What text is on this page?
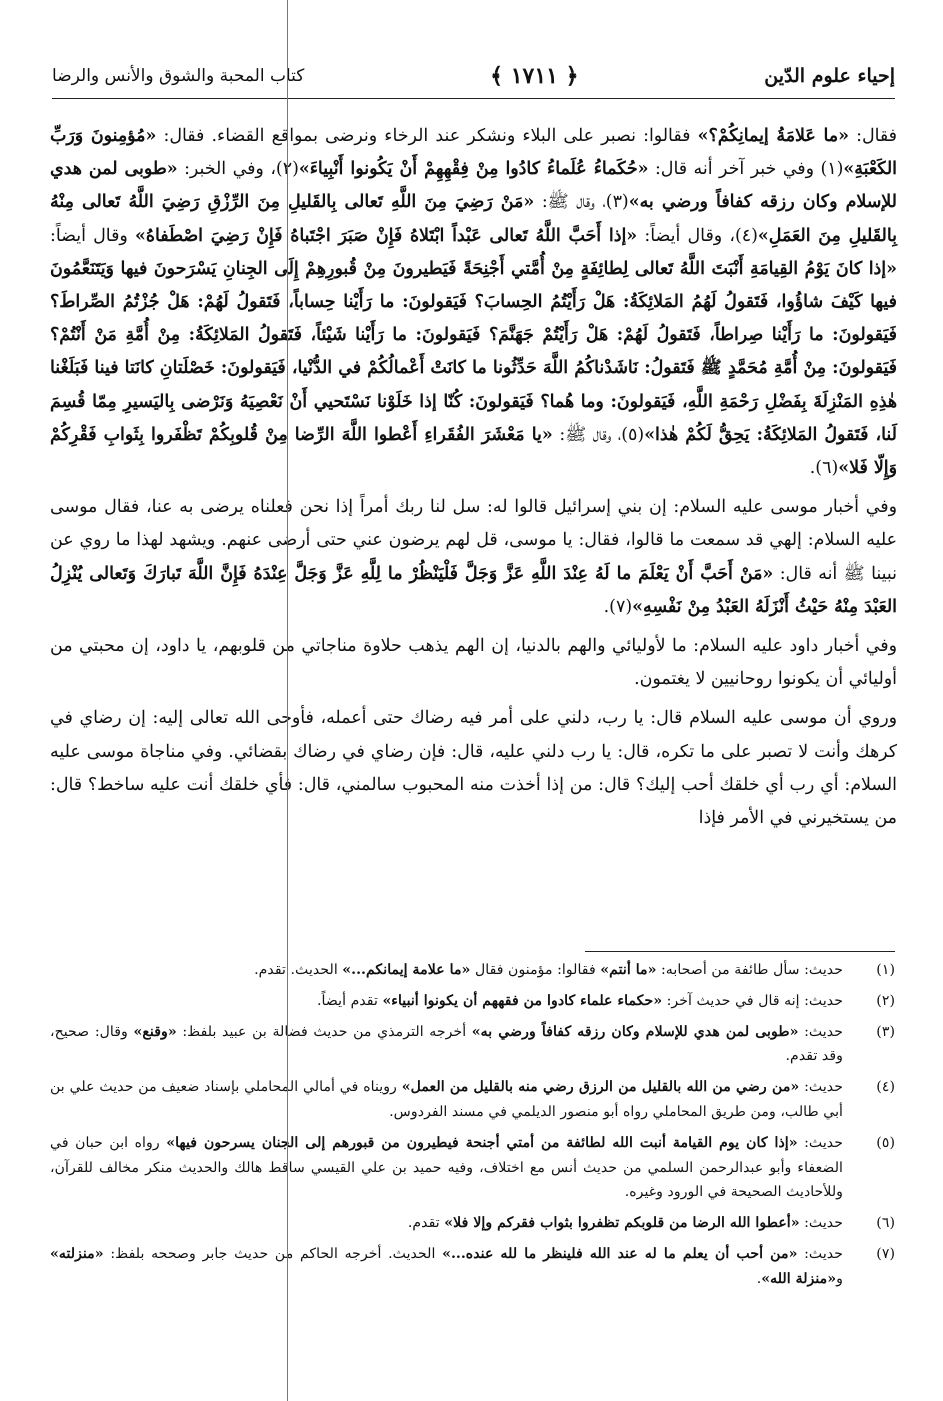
إحياء علوم الدّين
﴿ ١٧١١ ﴾
كتاب المحبة والشوق والأنس والرضا

فقال: «ما عَلامَةُ إيمانِكُمْ؟» فقالوا: نصبر على البلاء ونشكر عند الرخاء ونرضى بمواقع القضاء. فقال: «مُؤمِنونَ وَرَبِّ الكَعْبَةِ»(١) وفي خبر آخر أنه قال: «حُكَماءُ عُلَماءُ كادُوا مِنْ فِقْهِهِمْ أَنْ يَكُونوا أَنْبِياءَ»(٢)، وفي الخبر: «طوبى لمن هدي للإسلام وكان رزقه كفافاً ورضي به»(٣)، وقال ﷺ: «مَنْ رَضِيَ مِنَ اللَّهِ تَعالى بِالقَليلِ مِنَ الرِّزْقِ رَضِيَ اللَّهُ تَعالى مِنْهُ بِالقَليلِ مِنَ العَمَلِ»(٤)، وقال أيضاً: «إذا أَحَبَّ اللَّهُ تَعالى عَبْداً ابْتَلاهُ فَإِنْ صَبَرَ اجْتَباهُ فَإِنْ رَضِيَ اصْطَفاهُ» وقال أيضاً: «إذا كانَ يَوْمُ القِيامَةِ أَنْبَتَ اللَّهُ تَعالى لِطائِفَةٍ مِنْ أُمَّتي أَجْنِحَةً فَيَطيرونَ مِنْ قُبورِهِمْ إِلَى الجِنانِ يَسْرَحونَ فيها وَيَتَنَعَّمُونَ فيها كَيْفَ شاؤُوا، فَتَقولُ لَهُمُ المَلائِكَةُ: هَلْ رَأَيْتُمُ الحِسابَ؟ فَيَقولونَ: ما رَأَيْنا حِساباً، فَتَقولُ لَهُمْ: هَلْ جُزْتُمُ الصِّراطَ؟ فَيَقولونَ: ما رَأَيْنا صِراطاً، فَتَقولُ لَهُمْ: هَلْ رَأَيْتُمْ جَهَنَّمَ؟ فَيَقولونَ: ما رَأَيْنا شَيْئاً، فَتَقولُ المَلائِكَةُ: مِنْ أُمَّةِ مَنْ أَنْتُمْ؟ فَيَقولونَ: مِنْ أُمَّةِ مُحَمَّدٍ ﷺ فَتَقولُ: نَاشَدْناكُمُ اللَّهَ حَدِّثُونا ما كانَتْ أَعْمالُكُمْ في الدُّنْيا، فَيَقولونَ: خَصْلَتانِ كانَتا فينا فَبَلَغْنا هٰذِهِ المَنْزِلَةَ بِفَضْلِ رَحْمَةِ اللَّهِ، فَيَقولونَ: وما هُما؟ فَيَقولونَ: كُنّا إذا خَلَوْنا نَسْتَحيي أَنْ نَعْصِيَهُ وَنَرْضى بِاليَسيرِ مِمّا قُسِمَ لَنا، فَتَقولُ المَلائِكَةُ: يَحِقُّ لَكُمْ هٰذا»(٥)، وقال ﷺ: «يا مَعْشَرَ الفُقَراءِ أَعْطوا اللَّهَ الرِّضا مِنْ قُلوبِكُمْ تَظْفَروا بِثَوابِ فَقْرِكُمْ وَإِلّا فَلا»(٦).

وفي أخبار موسى عليه السلام: إن بني إسرائيل قالوا له: سل لنا ربك أمراً إذا نحن فعلناه يرضى به عنا، فقال موسى عليه السلام: إلهي قد سمعت ما قالوا، فقال: يا موسى، قل لهم يرضون عني حتى أرضى عنهم. ويشهد لهذا ما روي عن نبينا ﷺ أنه قال: «مَنْ أَحَبَّ أَنْ يَعْلَمَ ما لَهُ عِنْدَ اللَّهِ عَزَّ وَجَلَّ فَلْيَنْظُرْ ما لِلَّهِ عَزَّ وَجَلَّ عِنْدَهُ فَإِنَّ اللَّهَ تَبارَكَ وَتَعالى يُنْزِلُ العَبْدَ مِنْهُ حَيْثُ أَنْزَلَهُ العَبْدُ مِنْ نَفْسِهِ»(٧).

وفي أخبار داود عليه السلام: ما لأوليائي والهم بالدنيا، إن الهم يذهب حلاوة مناجاتي من قلوبهم، يا داود، إن محبتي من أوليائي أن يكونوا روحانيين لا يغتمون.

وروي أن موسى عليه السلام قال: يا رب، دلني على أمر فيه رضاك حتى أعمله، فأوحى الله تعالى إليه: إن رضاي في كرهك وأنت لا تصبر على ما تكره، قال: يا رب دلني عليه، قال: فإن رضاي في رضاك بقضائي. وفي مناجاة موسى عليه السلام: أي رب أي خلقك أحب إليك؟ قال: من إذا أخذت منه المحبوب سالمني، قال: فأي خلقك أنت عليه ساخط؟ قال: من يستخيرني في الأمر فإذا

(١)
حديث: سأل طائفة من أصحابه: «ما أنتم» فقالوا: مؤمنون فقال «ما علامة إيمانكم...» الحديث. تقدم.
(٢)
حديث: إنه قال في حديث آخر: «حكماء علماء كادوا من فقههم أن يكونوا أنبياء» تقدم أيضاً.
(٣)
حديث: «طوبى لمن هدي للإسلام وكان رزقه كفافاً ورضي به» أخرجه الترمذي من حديث فضالة بن عبيد بلفظ: «وقنع» وقال: صحيح، وقد تقدم.
(٤)
حديث: «من رضي من الله بالقليل من الرزق رضي منه بالقليل من العمل» رويناه في أمالي المحاملي بإسناد ضعيف من حديث علي بن أبي طالب، ومن طريق المحاملي رواه أبو منصور الديلمي في مسند الفردوس.
(٥)
حديث: «إذا كان يوم القيامة أنبت الله لطائفة من أمتي أجنحة فيطيرون من قبورهم إلى الجنان يسرحون فيها» رواه ابن حبان في الضعفاء وأبو عبدالرحمن السلمي من حديث أنس مع اختلاف، وفيه حميد بن علي القيسي ساقط هالك والحديث منكر مخالف للقرآن، وللأحاديث الصحيحة في الورود وغيره.
(٦)
حديث: «أعطوا الله الرضا من قلوبكم تظفروا بثواب فقركم وإلا فلا» تقدم.
(٧)
حديث: «من أحب أن يعلم ما له عند الله فلينظر ما لله عنده...» الحديث. أخرجه الحاكم من حديث جابر وصححه بلفظ: «منزلته» و«منزلة الله».
